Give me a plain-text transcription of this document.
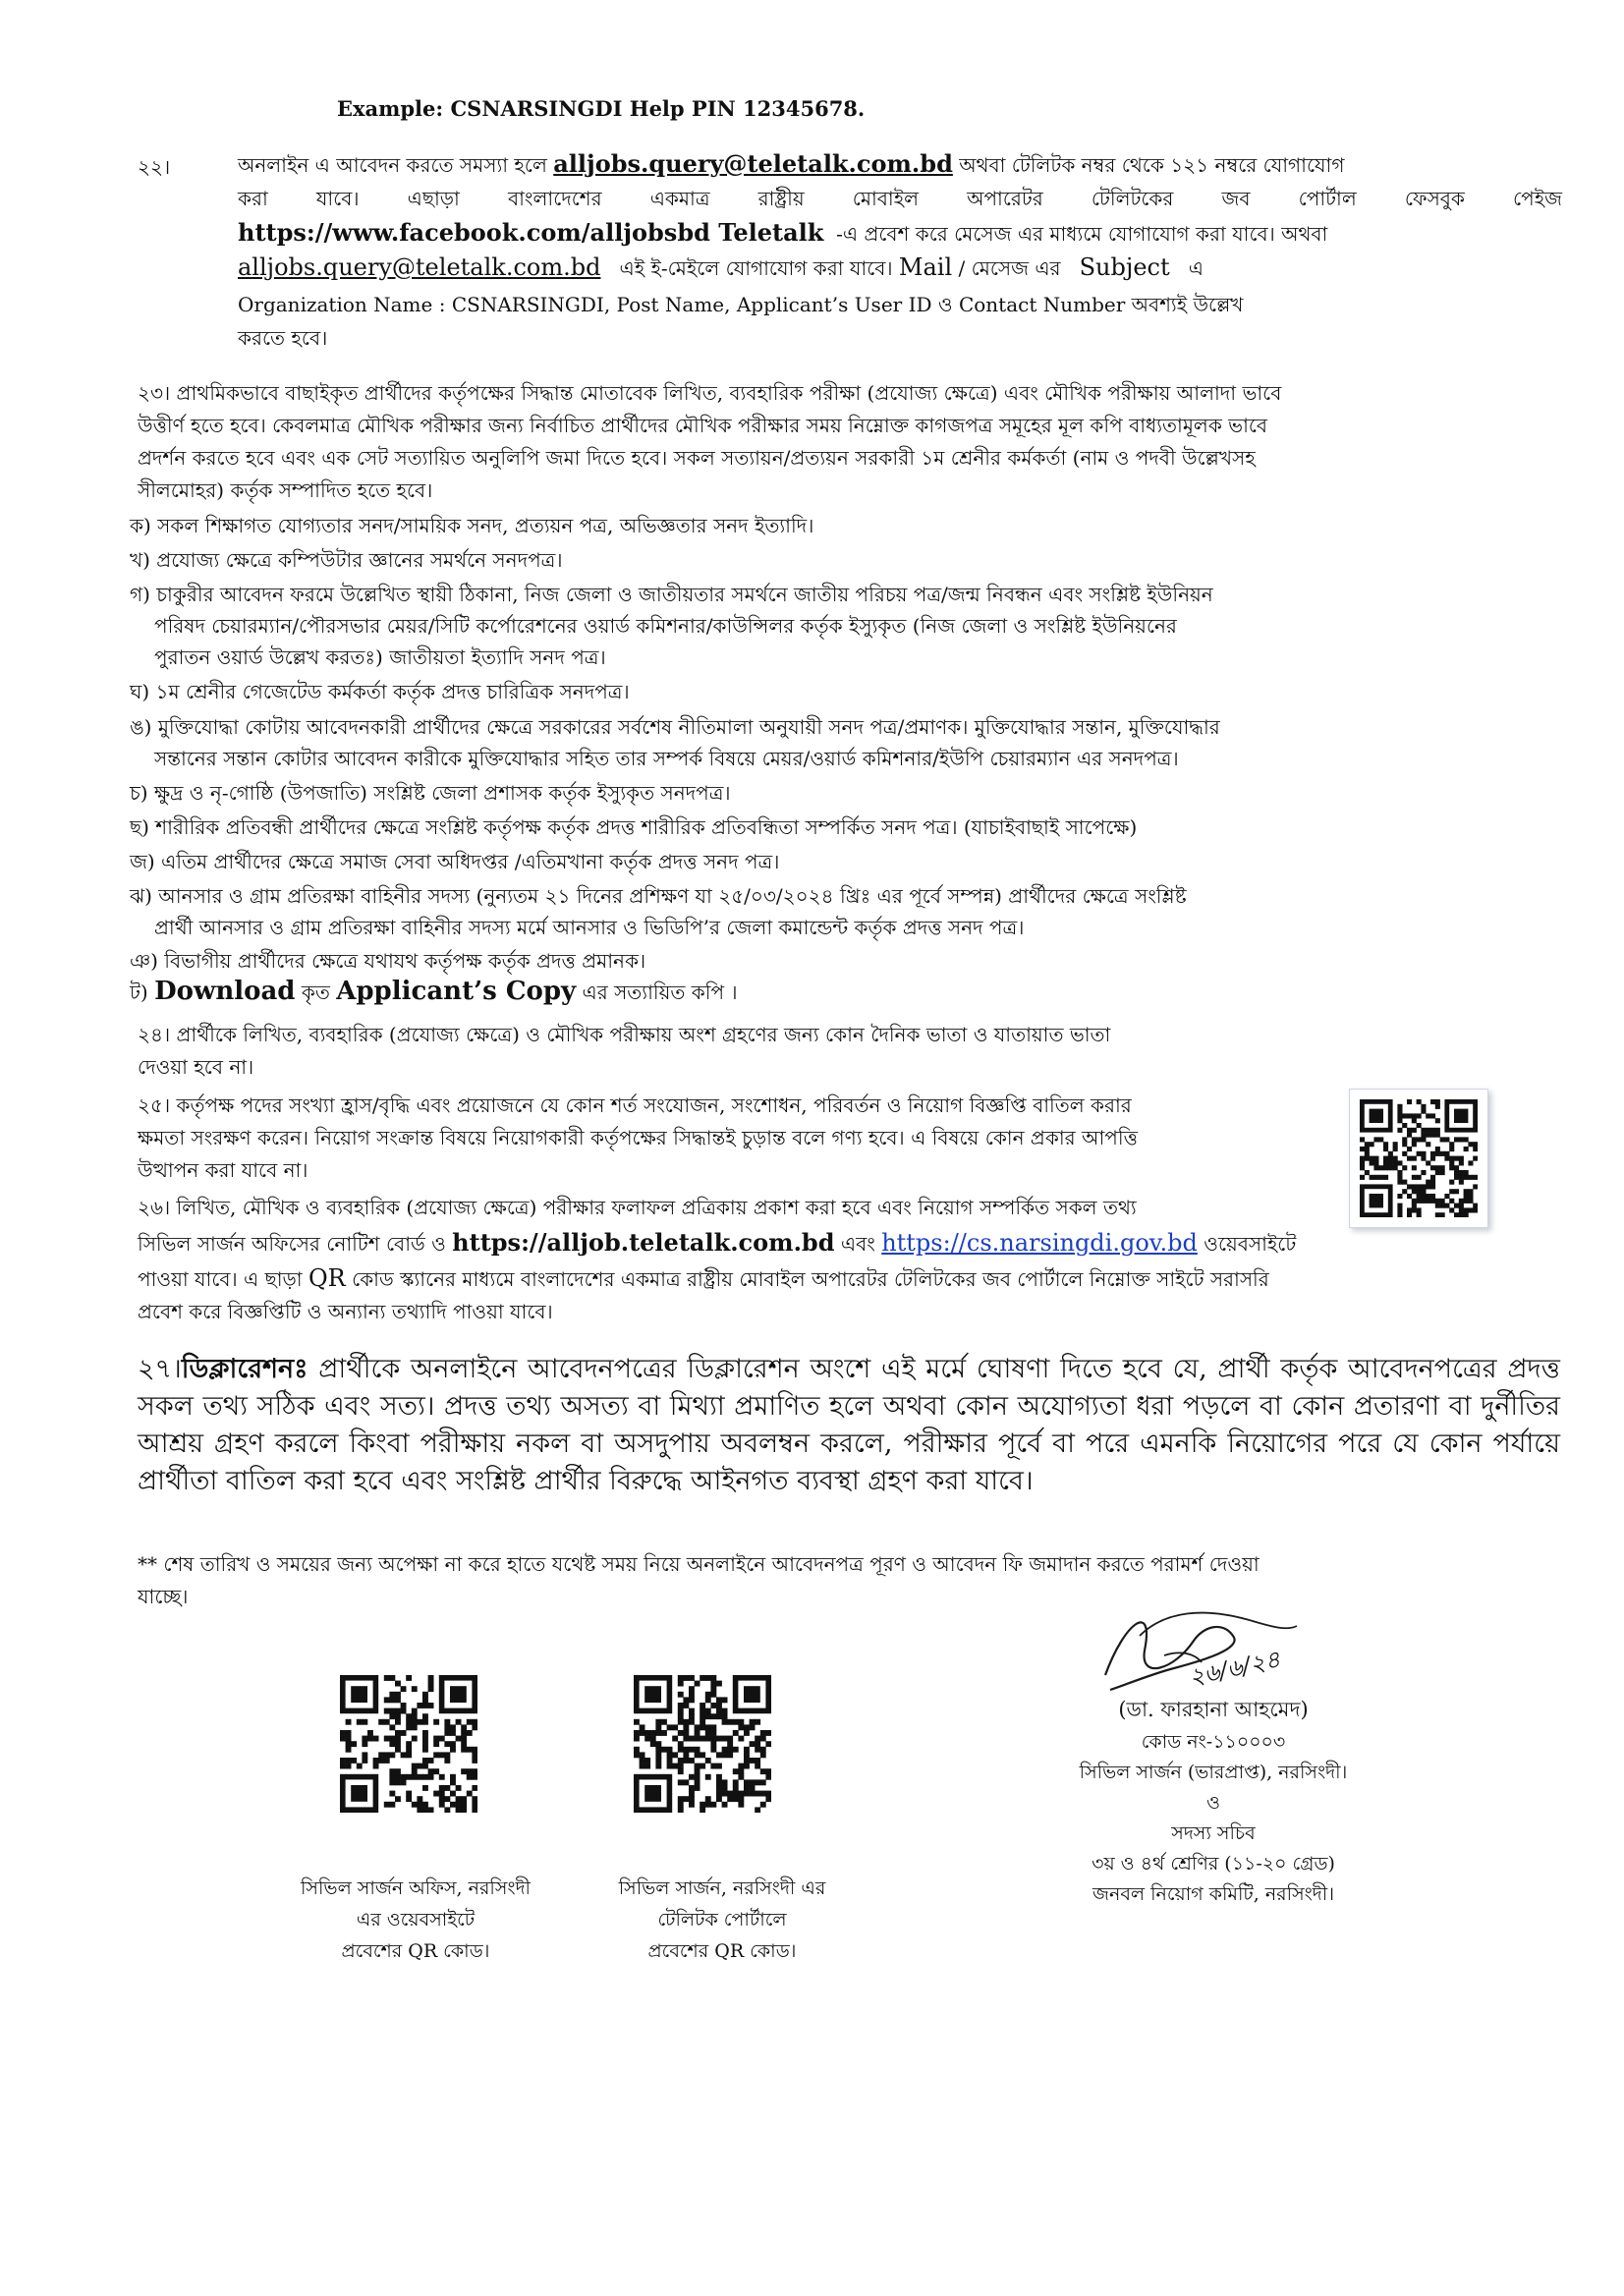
Example: CSNARSINGDI Help PIN 12345678.
২২।	অনলাইন এ আবেদন করতে সমস্যা হলে alljobs.query@teletalk.com.bd অথবা টেলিটক নম্বর থেকে ১২১ নম্বরে যোগাযোগ
করা যাবে। এছাড়া বাংলাদেশের একমাত্র রাষ্ট্রীয় মোবাইল অপারেটর টেলিটকের জব পোর্টাল ফেসবুক পেইজ
https://www.facebook.com/alljobsbd Teletalk -এ প্রবেশ করে মেসেজ এর মাধ্যমে যোগাযোগ করা যাবে। অথবা
alljobs.query@teletalk.com.bd এই ই-মেইলে যোগাযোগ করা যাবে। Mail / মেসেজ এর Subject এ
Organization Name : CSNARSINGDI, Post Name, Applicant’s User ID ও Contact Number অবশ্যই উল্লেখ
করতে হবে।
২৩। প্রাথমিকভাবে বাছাইকৃত প্রার্থীদের কর্তৃপক্ষের সিদ্ধান্ত মোতাবেক লিখিত, ব্যবহারিক পরীক্ষা (প্রযোজ্য ক্ষেত্রে) এবং মৌখিক পরীক্ষায় আলাদা ভাবে
উত্তীর্ণ হতে হবে। কেবলমাত্র মৌখিক পরীক্ষার জন্য নির্বাচিত প্রার্থীদের মৌখিক পরীক্ষার সময় নিম্নোক্ত কাগজপত্র সমূহের মূল কপি বাধ্যতামূলক ভাবে
প্রদর্শন করতে হবে এবং এক সেট সত্যায়িত অনুলিপি জমা দিতে হবে। সকল সত্যায়ন/প্রত্যয়ন সরকারী ১ম শ্রেনীর কর্মকর্তা (নাম ও পদবী উল্লেখসহ
সীলমোহর) কর্তৃক সম্পাদিত হতে হবে।
ক) সকল শিক্ষাগত যোগ্যতার সনদ/সাময়িক সনদ, প্রত্যয়ন পত্র, অভিজ্ঞতার সনদ ইত্যাদি।
খ) প্রযোজ্য ক্ষেত্রে কম্পিউটার জ্ঞানের সমর্থনে সনদপত্র।
গ) চাকুরীর আবেদন ফরমে উল্লেখিত স্থায়ী ঠিকানা, নিজ জেলা ও জাতীয়তার সমর্থনে জাতীয় পরিচয় পত্র/জন্ম নিবন্ধন এবং সংশ্লিষ্ট ইউনিয়ন
পরিষদ চেয়ারম্যান/পৌরসভার মেয়র/সিটি কর্পোরেশনের ওয়ার্ড কমিশনার/কাউন্সিলর কর্তৃক ইস্যুকৃত (নিজ জেলা ও সংশ্লিষ্ট ইউনিয়নের
পুরাতন ওয়ার্ড উল্লেখ করতঃ) জাতীয়তা ইত্যাদি সনদ পত্র।
ঘ) ১ম শ্রেনীর গেজেটেড কর্মকর্তা কর্তৃক প্রদত্ত চারিত্রিক সনদপত্র।
ঙ) মুক্তিযোদ্ধা কোটায় আবেদনকারী প্রার্থীদের ক্ষেত্রে সরকারের সর্বশেষ নীতিমালা অনুযায়ী সনদ পত্র/প্রমাণক। মুক্তিযোদ্ধার সন্তান, মুক্তিযোদ্ধার
সন্তানের সন্তান কোটার আবেদন কারীকে মুক্তিযোদ্ধার সহিত তার সম্পর্ক বিষয়ে মেয়র/ওয়ার্ড কমিশনার/ইউপি চেয়ারম্যান এর সনদপত্র।
চ) ক্ষুদ্র ও নৃ-গোষ্ঠি (উপজাতি) সংশ্লিষ্ট জেলা প্রশাসক কর্তৃক ইস্যুকৃত সনদপত্র।
ছ) শারীরিক প্রতিবন্ধী প্রার্থীদের ক্ষেত্রে সংশ্লিষ্ট কর্তৃপক্ষ কর্তৃক প্রদত্ত শারীরিক প্রতিবন্ধিতা সম্পর্কিত সনদ পত্র। (যাচাইবাছাই সাপেক্ষে)
জ) এতিম প্রার্থীদের ক্ষেত্রে সমাজ সেবা অধিদপ্তর /এতিমখানা কর্তৃক প্রদত্ত সনদ পত্র।
ঝ) আনসার ও গ্রাম প্রতিরক্ষা বাহিনীর সদস্য (নুন্যতম ২১ দিনের প্রশিক্ষণ যা ২৫/০৩/২০২৪ খ্রিঃ এর পূর্বে সম্পন্ন) প্রার্থীদের ক্ষেত্রে সংশ্লিষ্ট
প্রার্থী আনসার ও গ্রাম প্রতিরক্ষা বাহিনীর সদস্য মর্মে আনসার ও ভিডিপি’র জেলা কমান্ডেন্ট কর্তৃক প্রদত্ত সনদ পত্র।
ঞ) বিভাগীয় প্রার্থীদের ক্ষেত্রে যথাযথ কর্তৃপক্ষ কর্তৃক প্রদত্ত প্রমানক।
ট) Download কৃত Applicant’s Copy এর সত্যায়িত কপি ।
২৪। প্রার্থীকে লিখিত, ব্যবহারিক (প্রযোজ্য ক্ষেত্রে) ও মৌখিক পরীক্ষায় অংশ গ্রহণের জন্য কোন দৈনিক ভাতা ও যাতায়াত ভাতা
দেওয়া হবে না।
২৫। কর্তৃপক্ষ পদের সংখ্যা হ্রাস/বৃদ্ধি এবং প্রয়োজনে যে কোন শর্ত সংযোজন, সংশোধন, পরিবর্তন ও নিয়োগ বিজ্ঞপ্তি বাতিল করার
ক্ষমতা সংরক্ষণ করেন। নিয়োগ সংক্রান্ত বিষয়ে নিয়োগকারী কর্তৃপক্ষের সিদ্ধান্তই চুড়ান্ত বলে গণ্য হবে। এ বিষয়ে কোন প্রকার আপত্তি
উত্থাপন করা যাবে না।
২৬। লিখিত, মৌখিক ও ব্যবহারিক (প্রযোজ্য ক্ষেত্রে) পরীক্ষার ফলাফল প্রত্রিকায় প্রকাশ করা হবে এবং নিয়োগ সম্পর্কিত সকল তথ্য
সিভিল সার্জন অফিসের নোটিশ বোর্ড ও https://alljob.teletalk.com.bd এবং https://cs.narsingdi.gov.bd ওয়েবসাইটে
পাওয়া যাবে। এ ছাড়া QR কোড স্ক্যানের মাধ্যমে বাংলাদেশের একমাত্র রাষ্ট্রীয় মোবাইল অপারেটর টেলিটকের জব পোর্টালে নিম্নোক্ত সাইটে সরাসরি
প্রবেশ করে বিজ্ঞপ্তিটি ও অন্যান্য তথ্যাদি পাওয়া যাবে।
২৭।ডিক্লারেশনঃ প্রার্থীকে অনলাইনে আবেদনপত্রের ডিক্লারেশন অংশে এই মর্মে ঘোষণা দিতে হবে যে, প্রার্থী কর্তৃক আবেদনপত্রের প্রদত্ত সকল তথ্য সঠিক এবং সত্য। প্রদত্ত তথ্য অসত্য বা মিথ্যা প্রমাণিত হলে অথবা কোন অযোগ্যতা ধরা পড়লে বা কোন প্রতারণা বা দুর্নীতির আশ্রয় গ্রহণ করলে কিংবা পরীক্ষায় নকল বা অসদুপায় অবলম্বন করলে, পরীক্ষার পূর্বে বা পরে এমনকি নিয়োগের পরে যে কোন পর্যায়ে প্রার্থীতা বাতিল করা হবে এবং সংশ্লিষ্ট প্রার্থীর বিরুদ্ধে আইনগত ব্যবস্থা গ্রহণ করা যাবে।
** শেষ তারিখ ও সময়ের জন্য অপেক্ষা না করে হাতে যথেষ্ট সময় নিয়ে অনলাইনে আবেদনপত্র পূরণ ও আবেদন ফি জমাদান করতে পরামর্শ দেওয়া
যাচ্ছে।
সিভিল সার্জন অফিস, নরসিংদী
এর ওয়েবসাইটে
প্রবেশের QR কোড।
সিভিল সার্জন, নরসিংদী এর
টেলিটক পোর্টালে
প্রবেশের QR কোড।
২৬/৬/২৪
(ডা. ফারহানা আহমেদ)
কোড নং-১১০০০৩
সিভিল সার্জন (ভারপ্রাপ্ত), নরসিংদী।
ও
সদস্য সচিব
৩য় ও ৪র্থ শ্রেণির (১১-২০ গ্রেড)
জনবল নিয়োগ কমিটি, নরসিংদী।
